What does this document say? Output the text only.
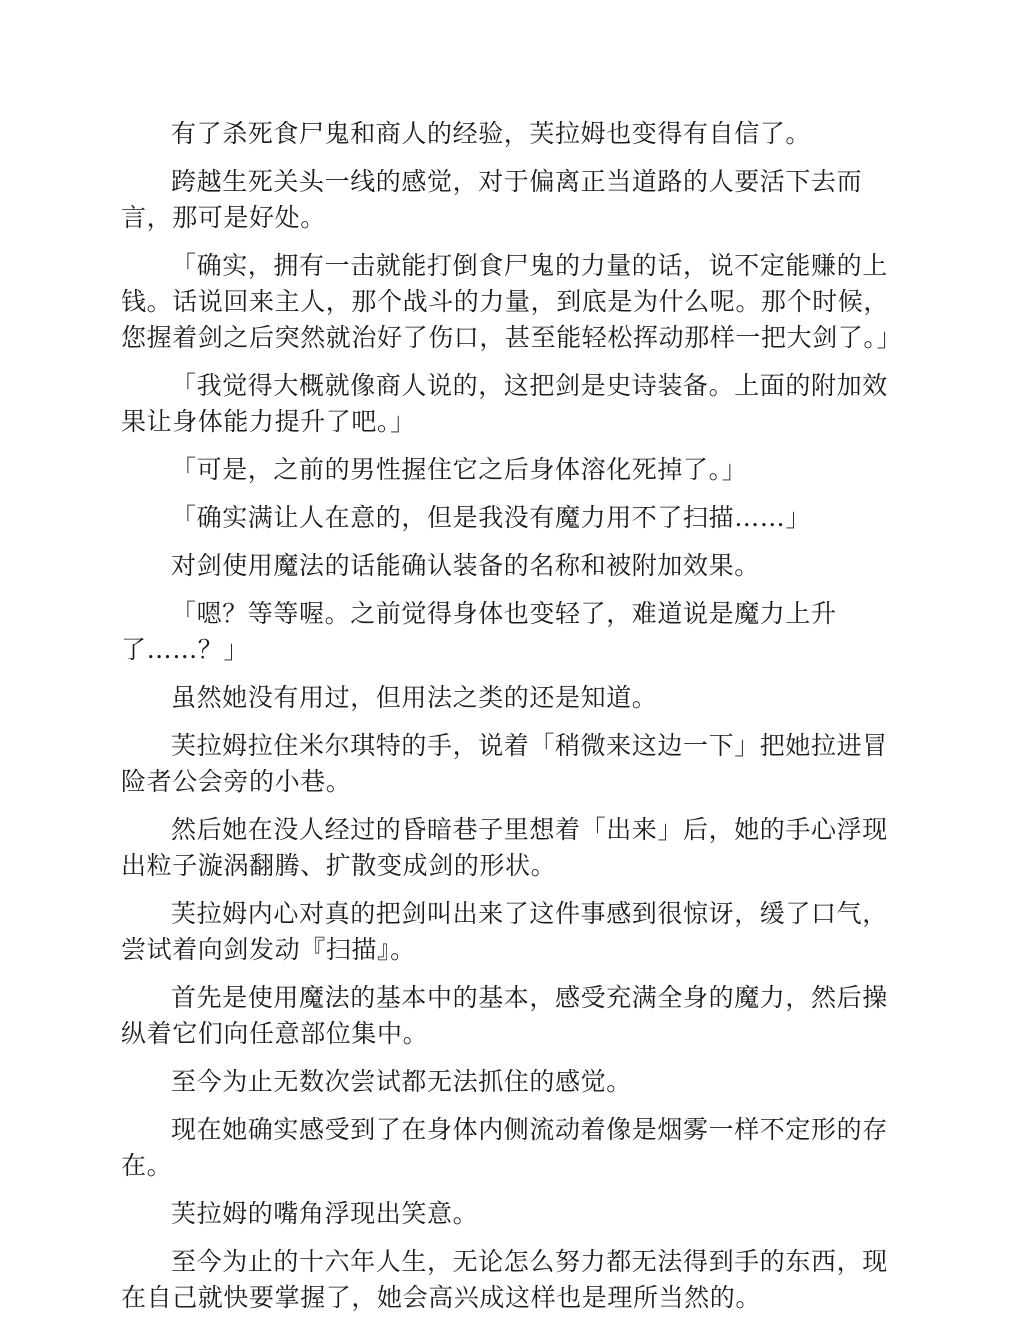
有了杀死食尸鬼和商人的经验，芙拉姆也变得有自信了。

跨越生死关头一线的感觉，对于偏离正当道路的人要活下去而言，那可是好处。

「确实，拥有一击就能打倒食尸鬼的力量的话，说不定能赚的上钱。话说回来主人，那个战斗的力量，到底是为什么呢。那个时候，您握着剑之后突然就治好了伤口，甚至能轻松挥动那样一把大剑了。」

「我觉得大概就像商人说的，这把剑是史诗装备。上面的附加效果让身体能力提升了吧。」

「可是，之前的男性握住它之后身体溶化死掉了。」

「确实满让人在意的，但是我没有魔力用不了扫描……」

对剑使用魔法的话能确认装备的名称和被附加效果。

「嗯？等等喔。之前觉得身体也变轻了，难道说是魔力上升了……？」

虽然她没有用过，但用法之类的还是知道。

芙拉姆拉住米尔琪特的手，说着「稍微来这边一下」把她拉进冒险者公会旁的小巷。

然后她在没人经过的昏暗巷子里想着「出来」后，她的手心浮现出粒子漩涡翻腾、扩散变成剑的形状。

芙拉姆内心对真的把剑叫出来了这件事感到很惊讶，缓了口气，尝试着向剑发动『扫描』。

首先是使用魔法的基本中的基本，感受充满全身的魔力，然后操纵着它们向任意部位集中。

至今为止无数次尝试都无法抓住的感觉。

现在她确实感受到了在身体内侧流动着像是烟雾一样不定形的存在。

芙拉姆的嘴角浮现出笑意。

至今为止的十六年人生，无论怎么努力都无法得到手的东西，现在自己就快要掌握了，她会高兴成这样也是理所当然的。
